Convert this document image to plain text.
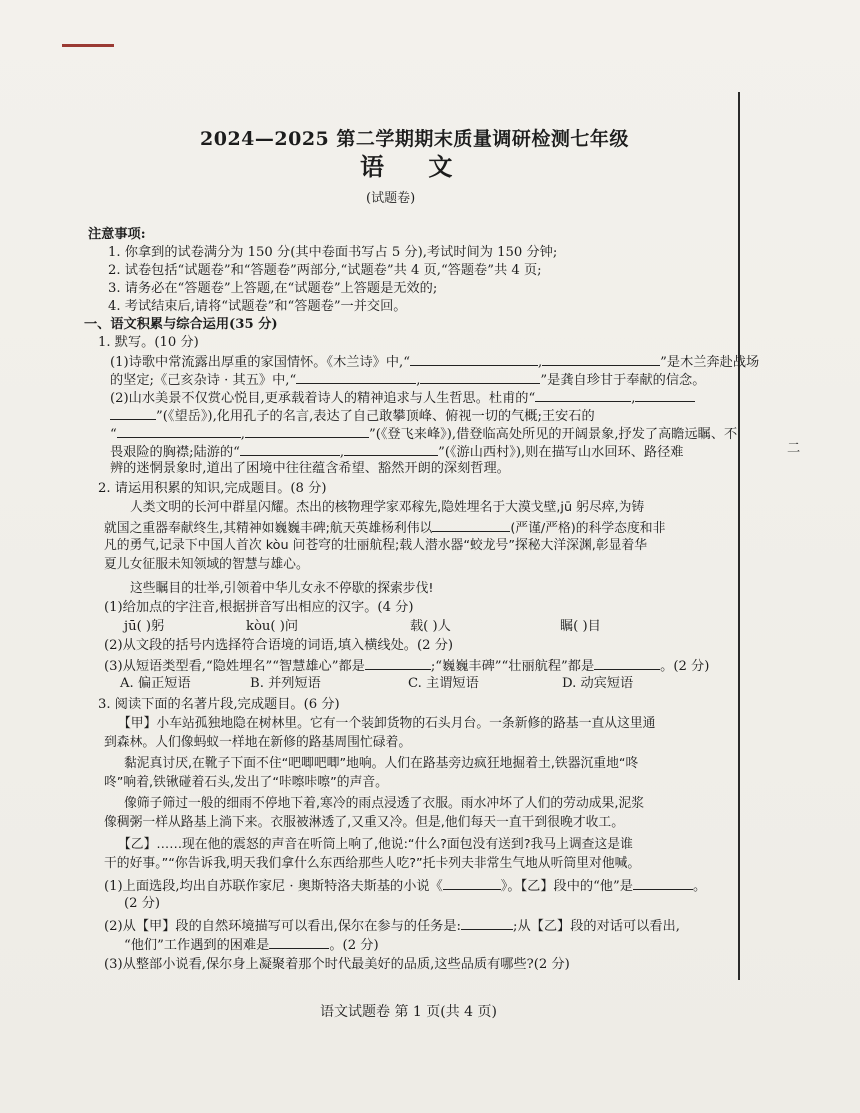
二
2024—2025 第二学期期末质量调研检测七年级
语 文
(试题卷)
注意事项:
1. 你拿到的试卷满分为 150 分(其中卷面书写占 5 分),考试时间为 150 分钟;
2. 试卷包括“试题卷”和“答题卷”两部分,“试题卷”共 4 页,“答题卷”共 4 页;
3. 请务必在“答题卷”上答题,在“试题卷”上答题是无效的;
4. 考试结束后,请将“试题卷”和“答题卷”一并交回。
一、语文积累与综合运用(35 分)
1. 默写。(10 分)
(1)诗歌中常流露出厚重的家国情怀。《木兰诗》中,“	,	”是木兰奔赴战场
的坚定;《己亥杂诗 · 其五》中,“	,	”是龚自珍甘于奉献的信念。
(2)山水美景不仅赏心悦目,更承载着诗人的精神追求与人生哲思。杜甫的“	,
”(《望岳》),化用孔子的名言,表达了自己敢攀顶峰、俯视一切的气概;王安石的
“	,	”(《登飞来峰》),借登临高处所见的开阔景象,抒发了高瞻远瞩、不
畏艰险的胸襟;陆游的“	,	”(《游山西村》),则在描写山水回环、路径难
辨的迷惘景象时,道出了困境中往往蕴含希望、豁然开朗的深刻哲理。
2. 请运用积累的知识,完成题目。(8 分)
人类文明的长河中群星闪耀。杰出的核物理学家邓稼先,隐姓埋名于大漠戈壁,jū 躬尽瘁,为铸
就国之重器奉献终生,其精神如巍巍丰碑;航天英雄杨利伟以	(严谨/严格)的科学态度和非
凡的勇气,记录下中国人首次 kòu 问苍穹的壮丽航程;载人潜水器“蛟龙号”探秘大洋深渊,彰显着华
夏儿女征服未知领域的智慧与雄心。
这些瞩目的壮举,引领着中华儿女永不停歇的探索步伐!
(1)给加点的字注音,根据拼音写出相应的汉字。(4 分)
jū( )躬	kòu( )问	载( )人	瞩( )目
(2)从文段的括号内选择符合语境的词语,填入横线处。(2 分)
(3)从短语类型看,“隐姓埋名”“智慧雄心”都是	;“巍巍丰碑”“壮丽航程”都是	。(2 分)
A. 偏正短语	B. 并列短语	C. 主谓短语	D. 动宾短语
3. 阅读下面的名著片段,完成题目。(6 分)
【甲】小车站孤独地隐在树林里。它有一个装卸货物的石头月台。一条新修的路基一直从这里通
到森林。人们像蚂蚁一样地在新修的路基周围忙碌着。
黏泥真讨厌,在靴子下面不住“吧唧吧唧”地响。人们在路基旁边疯狂地掘着土,铁器沉重地“咚
咚”响着,铁锹碰着石头,发出了“咔嚓咔嚓”的声音。
像筛子筛过一般的细雨不停地下着,寒冷的雨点浸透了衣服。雨水冲坏了人们的劳动成果,泥浆
像稠粥一样从路基上淌下来。衣服被淋透了,又重又冷。但是,他们每天一直干到很晚才收工。
【乙】……现在他的震怒的声音在听筒上响了,他说:“什么?面包没有送到?我马上调查这是谁
干的好事。”“你告诉我,明天我们拿什么东西给那些人吃?”托卡列夫非常生气地从听筒里对他喊。
(1)上面选段,均出自苏联作家尼 · 奥斯特洛夫斯基的小说《	》。【乙】段中的“他”是	。
(2 分)
(2)从【甲】段的自然环境描写可以看出,保尔在参与的任务是:	;从【乙】段的对话可以看出,
“他们”工作遇到的困难是	。(2 分)
(3)从整部小说看,保尔身上凝聚着那个时代最美好的品质,这些品质有哪些?(2 分)
语文试题卷 第 1 页(共 4 页)
